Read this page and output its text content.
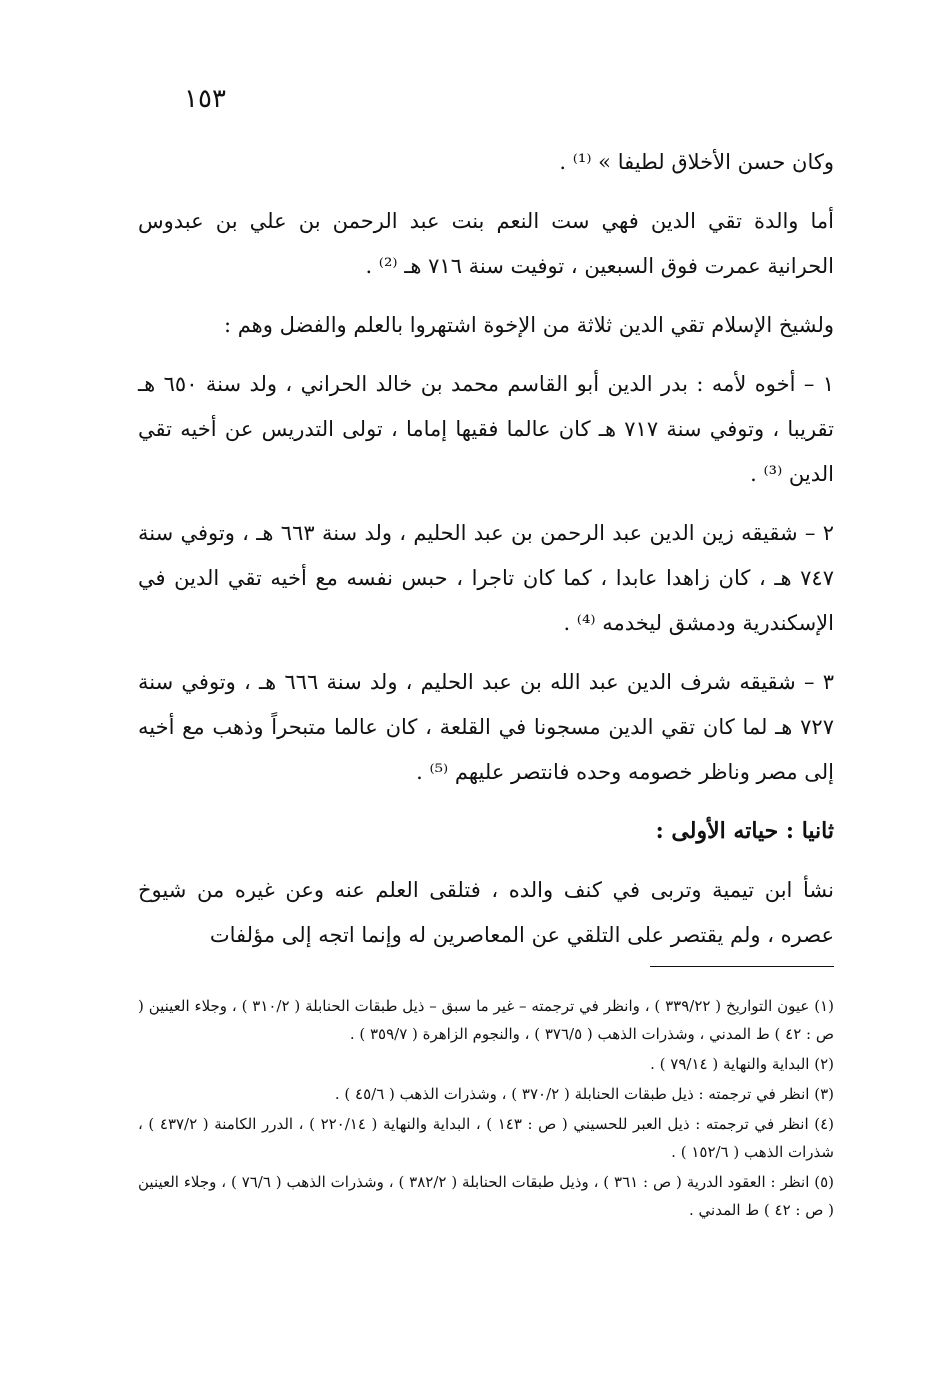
١٥٣

وكان حسن الأخلاق لطيفا » ⁽¹⁾ .

أما والدة تقي الدين فهي ست النعم بنت عبد الرحمن بن علي بن عبدوس الحرانية عمرت فوق السبعين ، توفيت سنة ٧١٦ هـ ⁽²⁾ .

ولشيخ الإسلام تقي الدين ثلاثة من الإخوة اشتهروا بالعلم والفضل وهم :

١ – أخوه لأمه : بدر الدين أبو القاسم محمد بن خالد الحراني ، ولد سنة ٦٥٠ هـ تقريبا ، وتوفي سنة ٧١٧ هـ كان عالما فقيها إماما ، تولى التدريس عن أخيه تقي الدين ⁽³⁾ .

٢ – شقيقه زين الدين عبد الرحمن بن عبد الحليم ، ولد سنة ٦٦٣ هـ ، وتوفي سنة ٧٤٧ هـ ، كان زاهدا عابدا ، كما كان تاجرا ، حبس نفسه مع أخيه تقي الدين في الإسكندرية ودمشق ليخدمه ⁽⁴⁾ .

٣ – شقيقه شرف الدين عبد الله بن عبد الحليم ، ولد سنة ٦٦٦ هـ ، وتوفي سنة ٧٢٧ هـ لما كان تقي الدين مسجونا في القلعة ، كان عالما متبحراً وذهب مع أخيه إلى مصر وناظر خصومه وحده فانتصر عليهم ⁽⁵⁾ .

ثانيا : حياته الأولى :

نشأ ابن تيمية وتربى في كنف والده ، فتلقى العلم عنه وعن غيره من شيوخ عصره ، ولم يقتصر على التلقي عن المعاصرين له وإنما اتجه إلى مؤلفات

(١) عيون التواريخ ( ٣٣٩/٢٢ ) ، وانظر في ترجمته – غير ما سبق – ذيل طبقات الحنابلة ( ٣١٠/٢ ) ، وجلاء العينين ( ص : ٤٢ ) ط المدني ، وشذرات الذهب ( ٣٧٦/٥ ) ، والنجوم الزاهرة ( ٣٥٩/٧ ) .

(٢) البداية والنهاية ( ٧٩/١٤ ) .

(٣) انظر في ترجمته : ذيل طبقات الحنابلة ( ٣٧٠/٢ ) ، وشذرات الذهب ( ٤٥/٦ ) .

(٤) انظر في ترجمته : ذيل العبر للحسيني ( ص : ١٤٣ ) ، البداية والنهاية ( ٢٢٠/١٤ ) ، الدرر الكامنة ( ٤٣٧/٢ ) ، شذرات الذهب ( ١٥٢/٦ ) .

(٥) انظر : العقود الدرية ( ص : ٣٦١ ) ، وذيل طبقات الحنابلة ( ٣٨٢/٢ ) ، وشذرات الذهب ( ٧٦/٦ ) ، وجلاء العينين ( ص : ٤٢ ) ط المدني .
